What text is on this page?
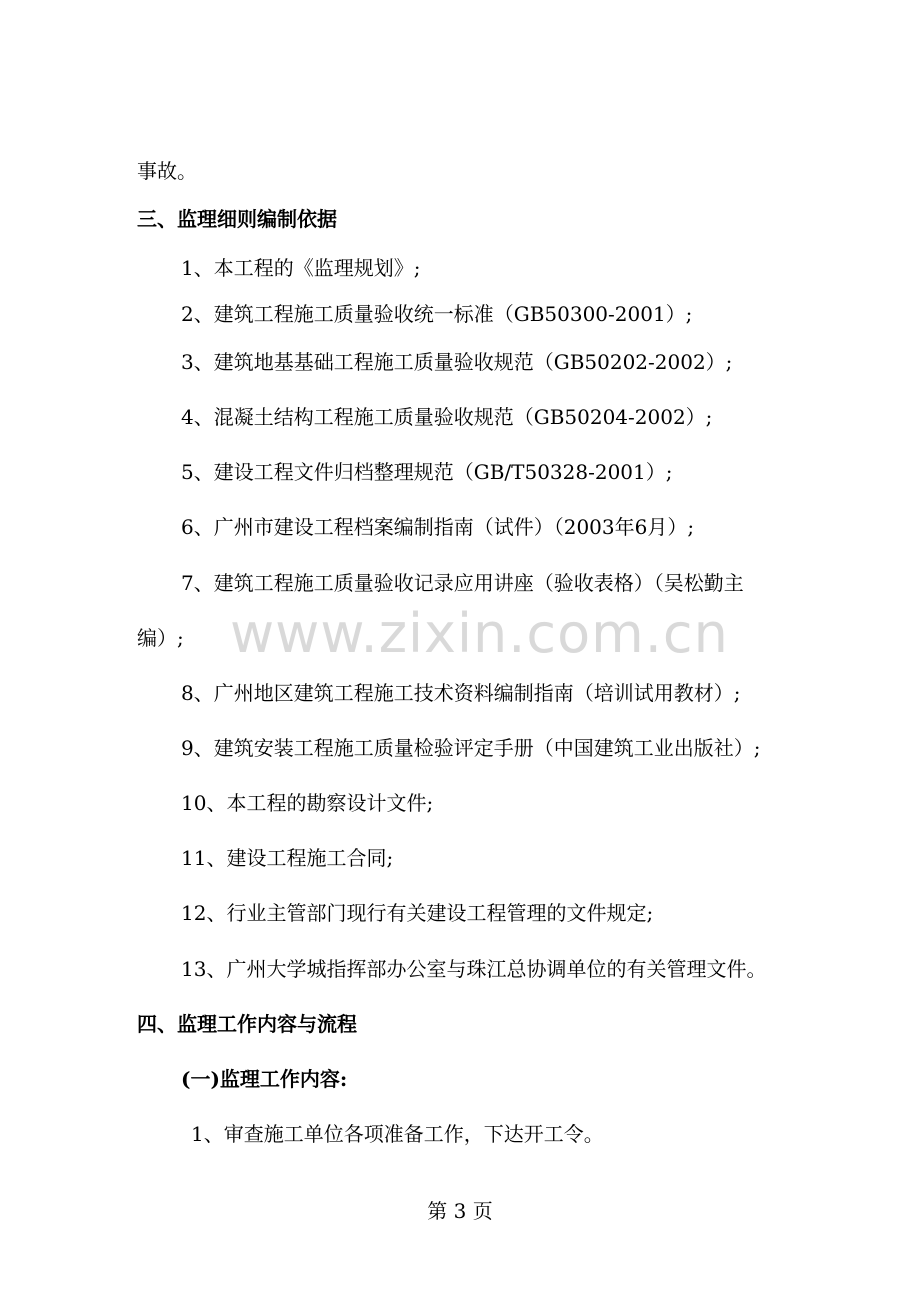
事故。
三、监理细则编制依据
1、本工程的《监理规划》;
2、建筑工程施工质量验收统一标准（GB50300-2001）;
3、建筑地基基础工程施工质量验收规范（GB50202-2002）;
4、混凝土结构工程施工质量验收规范（GB50204-2002）;
5、建设工程文件归档整理规范（GB/T50328-2001）;
6、广州市建设工程档案编制指南（试件）（2003年6月）;
7、建筑工程施工质量验收记录应用讲座（验收表格）（吴松勤主
编）;
8、广州地区建筑工程施工技术资料编制指南（培训试用教材）;
9、建筑安装工程施工质量检验评定手册（中国建筑工业出版社）;
10、本工程的勘察设计文件;
11、建设工程施工合同;
12、行业主管部门现行有关建设工程管理的文件规定;
13、广州大学城指挥部办公室与珠江总协调单位的有关管理文件。
四、监理工作内容与流程
(一)监理工作内容:
1、审查施工单位各项准备工作，下达开工令。
www.zixin.com.cn
第 3 页
